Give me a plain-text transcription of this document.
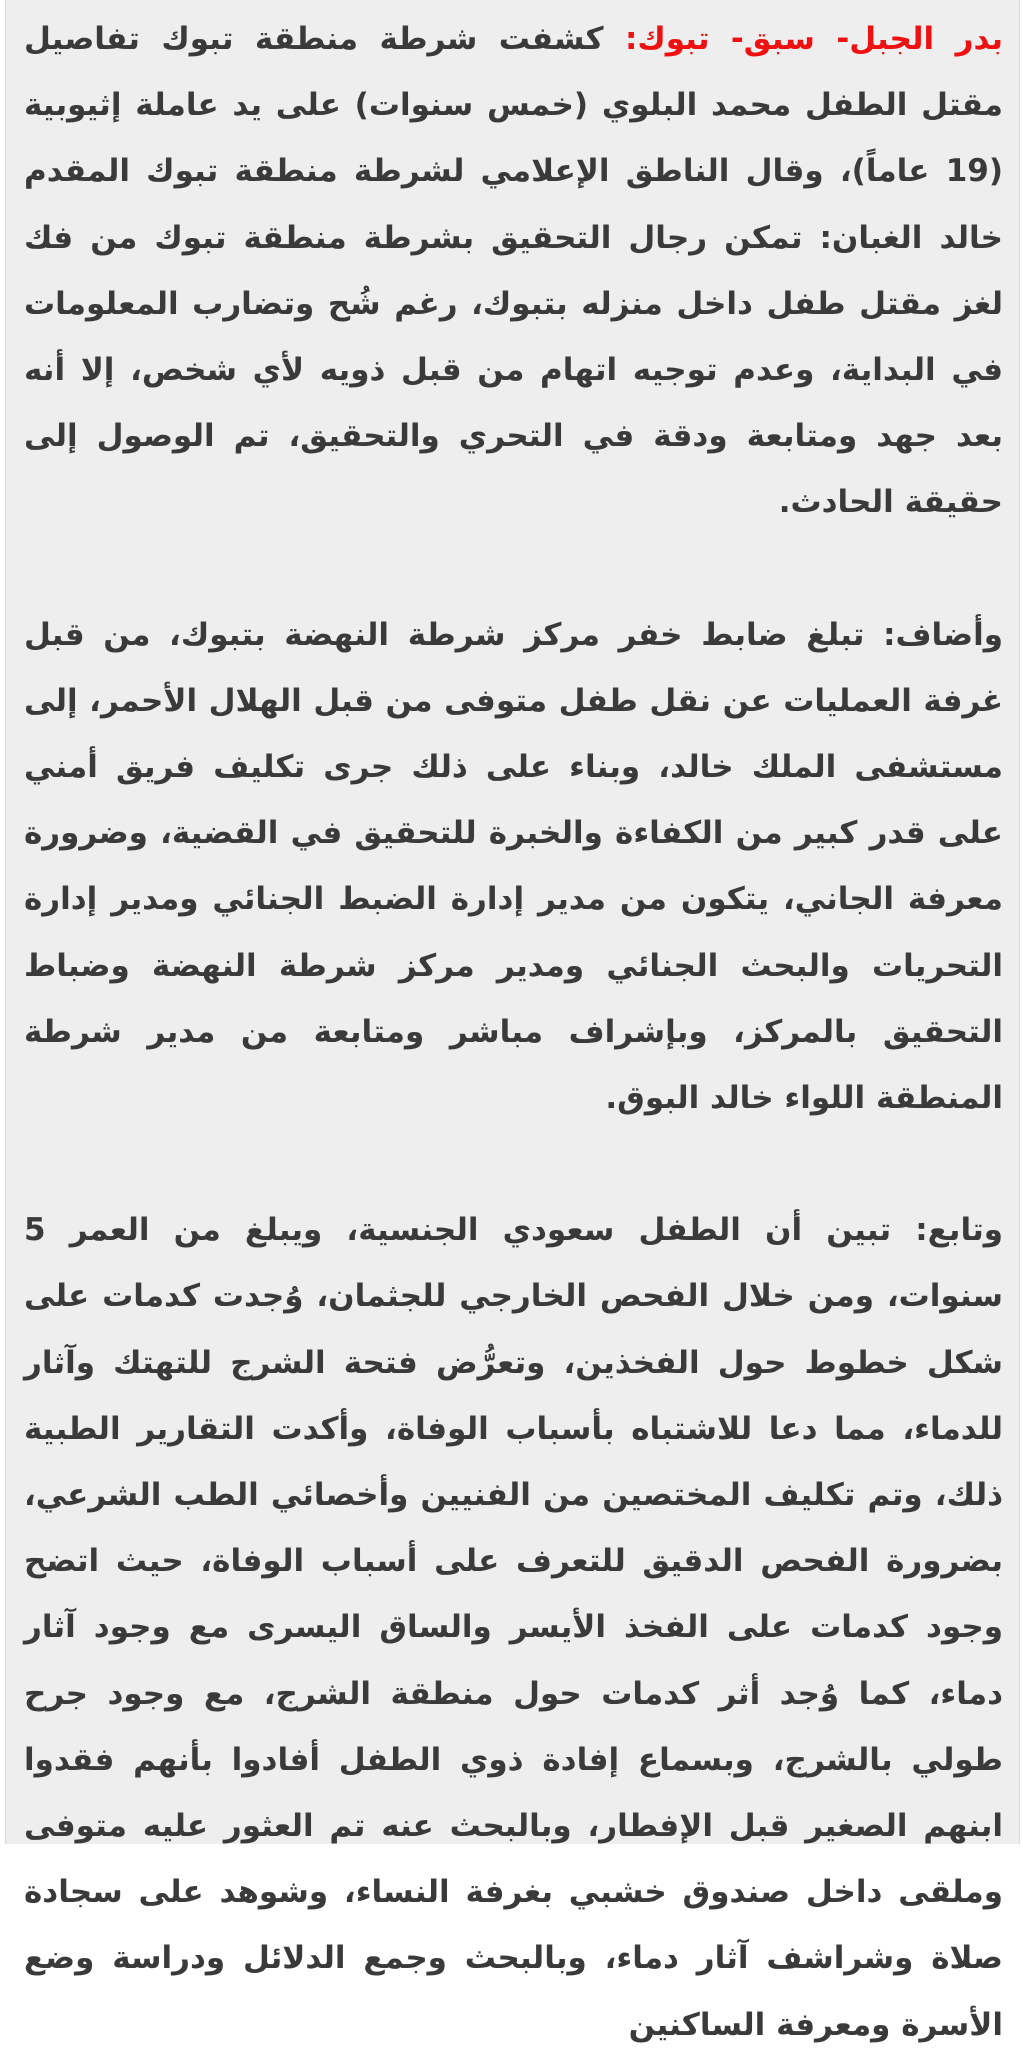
بدر الجبل- سبق- تبوك: كشفت شرطة منطقة تبوك تفاصيل مقتل الطفل محمد البلوي (خمس سنوات) على يد عاملة إثيوبية (19 عاماً)، وقال الناطق الإعلامي لشرطة منطقة تبوك المقدم خالد الغبان: تمكن رجال التحقيق بشرطة منطقة تبوك من فك لغز مقتل طفل داخل منزله بتبوك، رغم شُح وتضارب المعلومات في البداية، وعدم توجيه اتهام من قبل ذويه لأي شخص، إلا أنه بعد جهد ومتابعة ودقة في التحري والتحقيق، تم الوصول إلى حقيقة الحادث.

وأضاف: تبلغ ضابط خفر مركز شرطة النهضة بتبوك، من قبل غرفة العمليات عن نقل طفل متوفى من قبل الهلال الأحمر، إلى مستشفى الملك خالد، وبناء على ذلك جرى تكليف فريق أمني على قدر كبير من الكفاءة والخبرة للتحقيق في القضية، وضرورة معرفة الجاني، يتكون من مدير إدارة الضبط الجنائي ومدير إدارة التحريات والبحث الجنائي ومدير مركز شرطة النهضة وضباط التحقيق بالمركز، وبإشراف مباشر ومتابعة من مدير شرطة المنطقة اللواء خالد البوق.

وتابع: تبين أن الطفل سعودي الجنسية، ويبلغ من العمر 5 سنوات، ومن خلال الفحص الخارجي للجثمان، وُجدت كدمات على شكل خطوط حول الفخذين، وتعرُّض فتحة الشرج للتهتك وآثار للدماء، مما دعا للاشتباه بأسباب الوفاة، وأكدت التقارير الطبية ذلك، وتم تكليف المختصين من الفنيين وأخصائي الطب الشرعي، بضرورة الفحص الدقيق للتعرف على أسباب الوفاة، حيث اتضح وجود كدمات على الفخذ الأيسر والساق اليسرى مع وجود آثار دماء، كما وُجد أثر كدمات حول منطقة الشرج، مع وجود جرح طولي بالشرج، وبسماع إفادة ذوي الطفل أفادوا بأنهم فقدوا ابنهم الصغير قبل الإفطار، وبالبحث عنه تم العثور عليه متوفى وملقى داخل صندوق خشبي بغرفة النساء، وشوهد على سجادة صلاة وشراشف آثار دماء، وبالبحث وجمع الدلائل ودراسة وضع الأسرة ومعرفة الساكنين
